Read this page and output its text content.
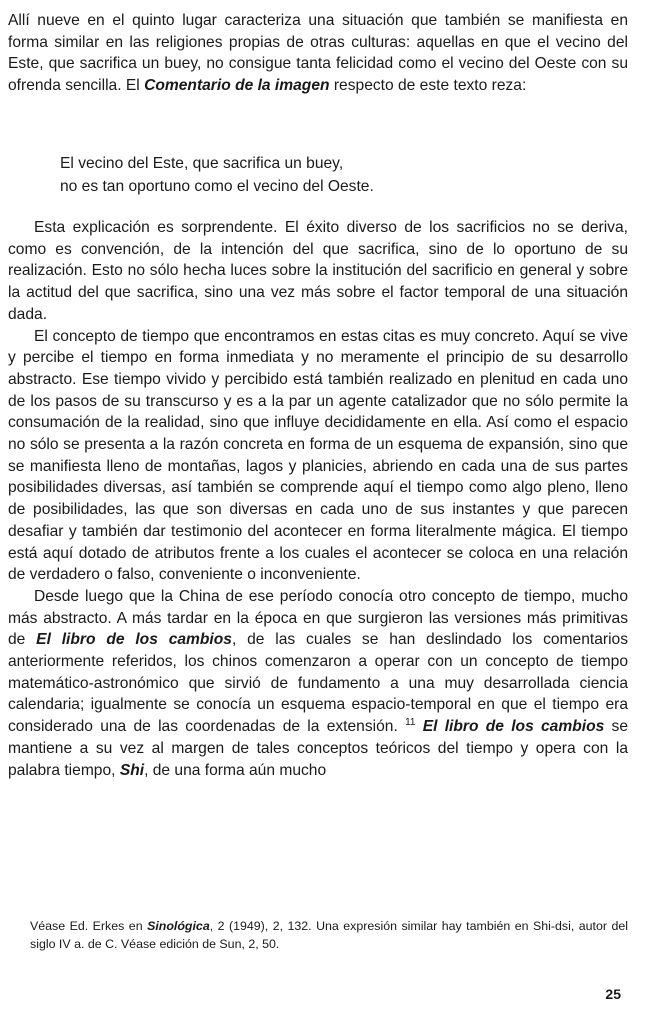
Allí nueve en el quinto lugar caracteriza una situación que también se manifiesta en forma similar en las religiones propias de otras culturas: aquellas en que el vecino del Este, que sacrifica un buey, no consigue tanta felicidad como el vecino del Oeste con su ofrenda sencilla. El Comentario de la imagen respecto de este texto reza:

El vecino del Este, que sacrifica un buey,
no es tan oportuno como el vecino del Oeste.

Esta explicación es sorprendente. El éxito diverso de los sacrificios no se deriva, como es convención, de la intención del que sacrifica, sino de lo oportuno de su realización. Esto no sólo hecha luces sobre la institución del sacrificio en general y sobre la actitud del que sacrifica, sino una vez más sobre el factor temporal de una situación dada.

El concepto de tiempo que encontramos en estas citas es muy concreto. Aquí se vive y percibe el tiempo en forma inmediata y no meramente el principio de su desarrollo abstracto. Ese tiempo vivido y percibido está también realizado en plenitud en cada uno de los pasos de su transcurso y es a la par un agente catalizador que no sólo permite la consumación de la realidad, sino que influye decididamente en ella. Así como el espacio no sólo se presenta a la razón concreta en forma de un esquema de expansión, sino que se manifiesta lleno de montañas, lagos y planicies, abriendo en cada una de sus partes posibilidades diversas, así también se comprende aquí el tiempo como algo pleno, lleno de posibilidades, las que son diversas en cada uno de sus instantes y que parecen desafiar y también dar testimonio del acontecer en forma literalmente mágica. El tiempo está aquí dotado de atributos frente a los cuales el acontecer se coloca en una relación de verdadero o falso, conveniente o inconveniente.

Desde luego que la China de ese período conocía otro concepto de tiempo, mucho más abstracto. A más tardar en la época en que surgieron las versiones más primitivas de El libro de los cambios, de las cuales se han deslindado los comentarios anteriormente referidos, los chinos comenzaron a operar con un concepto de tiempo matemático-astronómico que sirvió de fundamento a una muy desarrollada ciencia calendaria; igualmente se conocía un esquema espacio-temporal en que el tiempo era considerado una de las coordenadas de la extensión. $^{11}$ El libro de los cambios se mantiene a su vez al margen de tales conceptos teóricos del tiempo y opera con la palabra tiempo, Shi, de una forma aún mucho

Véase Ed. Erkes en Sinológica, 2 (1949), 2, 132. Una expresión similar hay también en Shi-dsi, autor del siglo IV a. de C. Véase edición de Sun, 2, 50.
25
